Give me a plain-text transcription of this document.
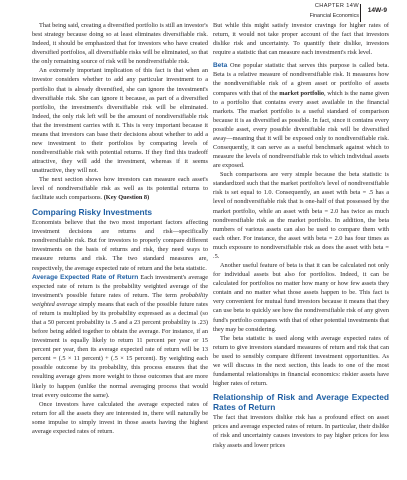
CHAPTER 14W
14W-9
Financial Economics

That being said, creating a diversified portfolio is still an investor's best strategy because doing so at least eliminates diversifiable risk. Indeed, it should be emphasized that for investors who have created diversified portfolios, all diversifiable risks will be eliminated, so that the only remaining source of risk will be nondiversifiable risk.

An extremely important implication of this fact is that when an investor considers whether to add any particular investment to a portfolio that is already diversified, she can ignore the investment's diversifiable risk. She can ignore it because, as part of a diversified portfolio, the investment's diversifiable risk will be eliminated. Indeed, the only risk left will be the amount of nondiversifiable risk that the investment carries with it. This is very important because it means that investors can base their decisions about whether to add a new investment to their portfolios by comparing levels of nondiversifiable risk with potential returns. If they find this tradeoff attractive, they will add the investment, whereas if it seems unattractive, they will not.

The next section shows how investors can measure each asset's level of nondiversifiable risk as well as its potential returns to facilitate such comparisons. (Key Question 8)

Comparing Risky Investments

Economists believe that the two most important factors affecting investment decisions are returns and risk—specifically nondiversifiable risk. But for investors to properly compare different investments on the basis of returns and risk, they need ways to measure returns and risk. The two standard measures are, respectively, the average expected rate of return and the beta statistic.

Average Expected Rate of Return Each investment's average expected rate of return is the probability weighted average of the investment's possible future rates of return. The term probability weighted average simply means that each of the possible future rates of return is multiplied by its probability expressed as a decimal (so that a 50 percent probability is .5 and a 23 percent probability is .23) before being added together to obtain the average. For instance, if an investment is equally likely to return 11 percent per year or 15 percent per year, then its average expected rate of return will be 13 percent = (.5 × 11 percent) + (.5 × 15 percent). By weighting each possible outcome by its probability, this process ensures that the resulting average gives more weight to those outcomes that are more likely to happen (unlike the normal averaging process that would treat every outcome the same).

Once investors have calculated the average expected rates of return for all the assets they are interested in, there will naturally be some impulse to simply invest in those assets having the highest average expected rates of return.

But while this might satisfy investor cravings for higher rates of return, it would not take proper account of the fact that investors dislike risk and uncertainty. To quantify their dislike, investors require a statistic that can measure each investment's risk level.

Beta One popular statistic that serves this purpose is called beta. Beta is a relative measure of nondiversifiable risk. It measures how the nondiversifiable risk of a given asset or portfolio of assets compares with that of the market portfolio, which is the name given to a portfolio that contains every asset available in the financial markets. The market portfolio is a useful standard of comparison because it is as diversified as possible. In fact, since it contains every possible asset, every possible diversifiable risk will be diversified away—meaning that it will be exposed only to nondiversifiable risk. Consequently, it can serve as a useful benchmark against which to measure the levels of nondiversifiable risk to which individual assets are exposed.

Such comparisons are very simple because the beta statistic is standardized such that the market portfolio's level of nondiversifiable risk is set equal to 1.0. Consequently, an asset with beta = .5 has a level of nondiversifiable risk that is one-half of that possessed by the market portfolio, while an asset with beta = 2.0 has twice as much nondiversifiable risk as the market portfolio. In addition, the beta numbers of various assets can also be used to compare them with each other. For instance, the asset with beta = 2.0 has four times as much exposure to nondiversifiable risk as does the asset with beta = .5.

Another useful feature of beta is that it can be calculated not only for individual assets but also for portfolios. Indeed, it can be calculated for portfolios no matter how many or how few assets they contain and no matter what those assets happen to be. This fact is very convenient for mutual fund investors because it means that they can use beta to quickly see how the nondiversifiable risk of any given fund's portfolio compares with that of other potential investments that they may be considering.

The beta statistic is used along with average expected rates of return to give investors standard measures of return and risk that can be used to sensibly compare different investment opportunities. As we will discuss in the next section, this leads to one of the most fundamental relationships in financial economics: riskier assets have higher rates of return.

Relationship of Risk and Average Expected Rates of Return

The fact that investors dislike risk has a profound effect on asset prices and average expected rates of return. In particular, their dislike of risk and uncertainty causes investors to pay higher prices for less risky assets and lower prices
